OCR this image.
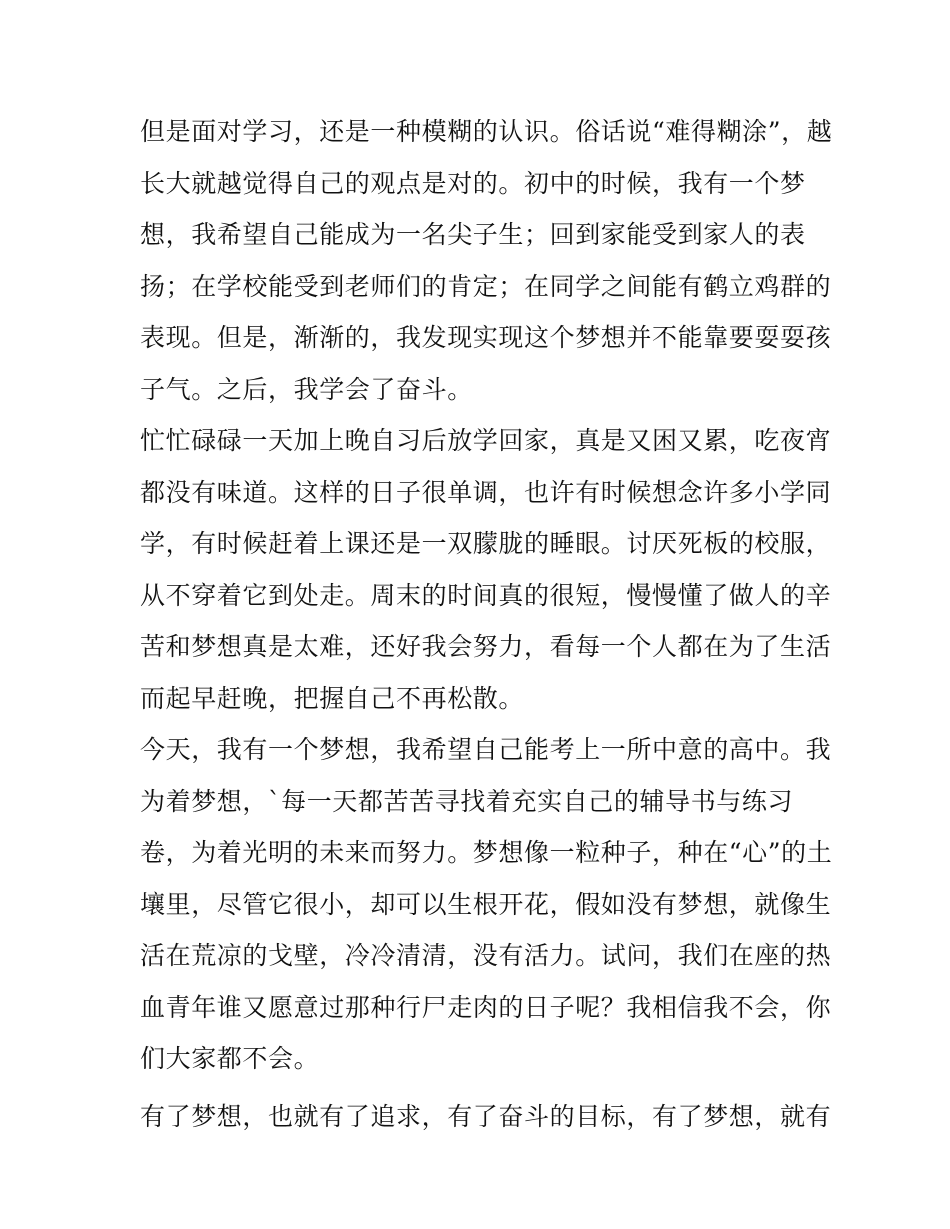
但是面对学习，还是一种模糊的认识。俗话说“难得糊涂”，越
长大就越觉得自己的观点是对的。初中的时候，我有一个梦
想，我希望自己能成为一名尖子生；回到家能受到家人的表
扬；在学校能受到老师们的肯定；在同学之间能有鹤立鸡群的
表现。但是，渐渐的，我发现实现这个梦想并不能靠要耍耍孩
子气。之后，我学会了奋斗。
忙忙碌碌一天加上晚自习后放学回家，真是又困又累，吃夜宵
都没有味道。这样的日子很单调，也许有时候想念许多小学同
学，有时候赶着上课还是一双朦胧的睡眼。讨厌死板的校服，
从不穿着它到处走。周末的时间真的很短，慢慢懂了做人的辛
苦和梦想真是太难，还好我会努力，看每一个人都在为了生活
而起早赶晚，把握自己不再松散。
今天，我有一个梦想，我希望自己能考上一所中意的高中。我
为着梦想，`每一天都苦苦寻找着充实自己的辅导书与练习
卷，为着光明的未来而努力。梦想像一粒种子，种在“心”的土
壤里，尽管它很小，却可以生根开花，假如没有梦想，就像生
活在荒凉的戈壁，冷冷清清，没有活力。试问，我们在座的热
血青年谁又愿意过那种行尸走肉的日子呢？我相信我不会，你
们大家都不会。
有了梦想，也就有了追求，有了奋斗的目标，有了梦想，就有
